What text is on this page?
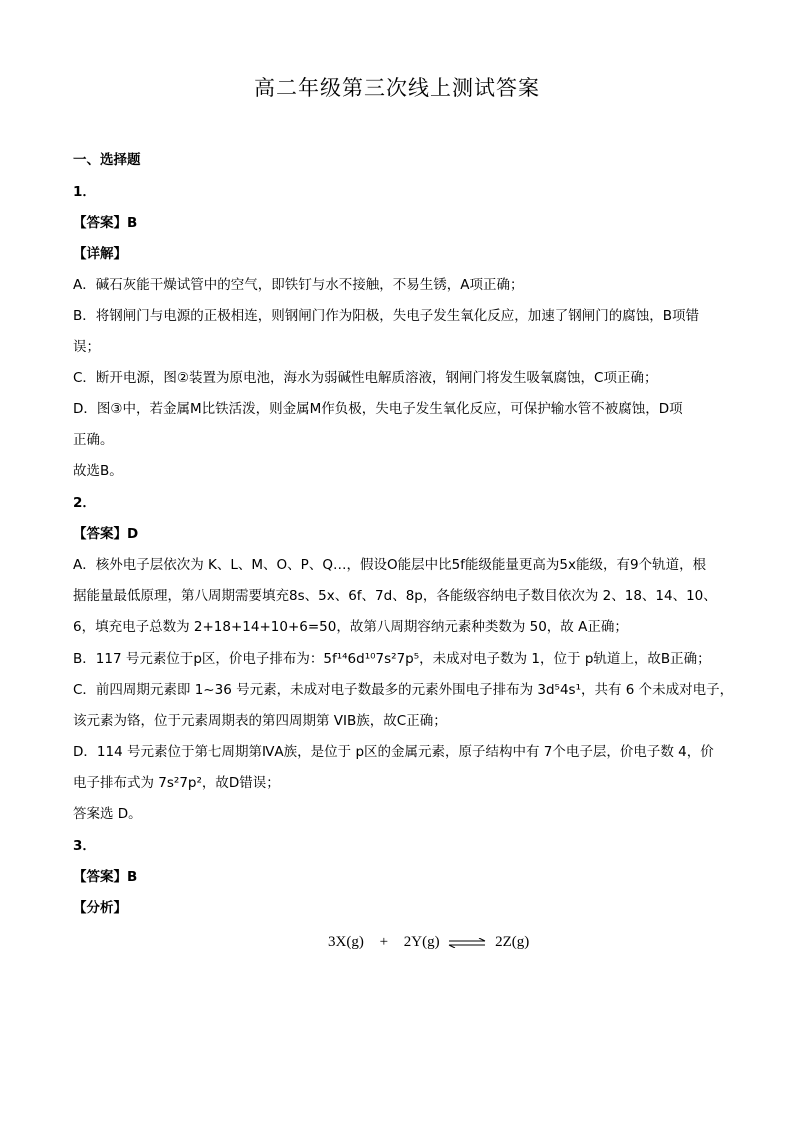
高二年级第三次线上测试答案
一、选择题
1．
【答案】B
【详解】
A．碱石灰能干燥试管中的空气，即铁钉与水不接触，不易生锈，A项正确；
B．将钢闸门与电源的正极相连，则钢闸门作为阳极，失电子发生氧化反应，加速了钢闸门的腐蚀，B项错
误；
C．断开电源，图②装置为原电池，海水为弱碱性电解质溶液，钢闸门将发生吸氧腐蚀，C项正确；
D．图③中，若金属M比铁活泼，则金属M作负极，失电子发生氧化反应，可保护输水管不被腐蚀，D项
正确。
故选B。
2．
【答案】D
A．核外电子层依次为 K、L、M、O、P、Q…，假设O能层中比5f能级能量更高为5x能级，有9个轨道，根
据能量最低原理，第八周期需要填充8s、5x、6f、7d、8p，各能级容纳电子数目依次为 2、18、14、10、
6，填充电子总数为 2+18+14+10+6=50，故第八周期容纳元素种类数为 50，故 A正确；
B．117 号元素位于p区，价电子排布为：5f¹⁴6d¹⁰7s²7p⁵，未成对电子数为 1，位于 p轨道上，故B正确；
C．前四周期元素即 1~36 号元素，未成对电子数最多的元素外围电子排布为 3d⁵4s¹，共有 6 个未成对电子，
该元素为铬，位于元素周期表的第四周期第 VIB族，故C正确；
D．114 号元素位于第七周期第ⅣA族，是位于 p区的金属元素，原子结构中有 7个电子层，价电子数 4，价
电子排布式为 7s²7p²，故D错误；
答案选 D。
3．
【答案】B
【分析】
3X(g) + 2Y(g) ⇌ 2Z(g)
